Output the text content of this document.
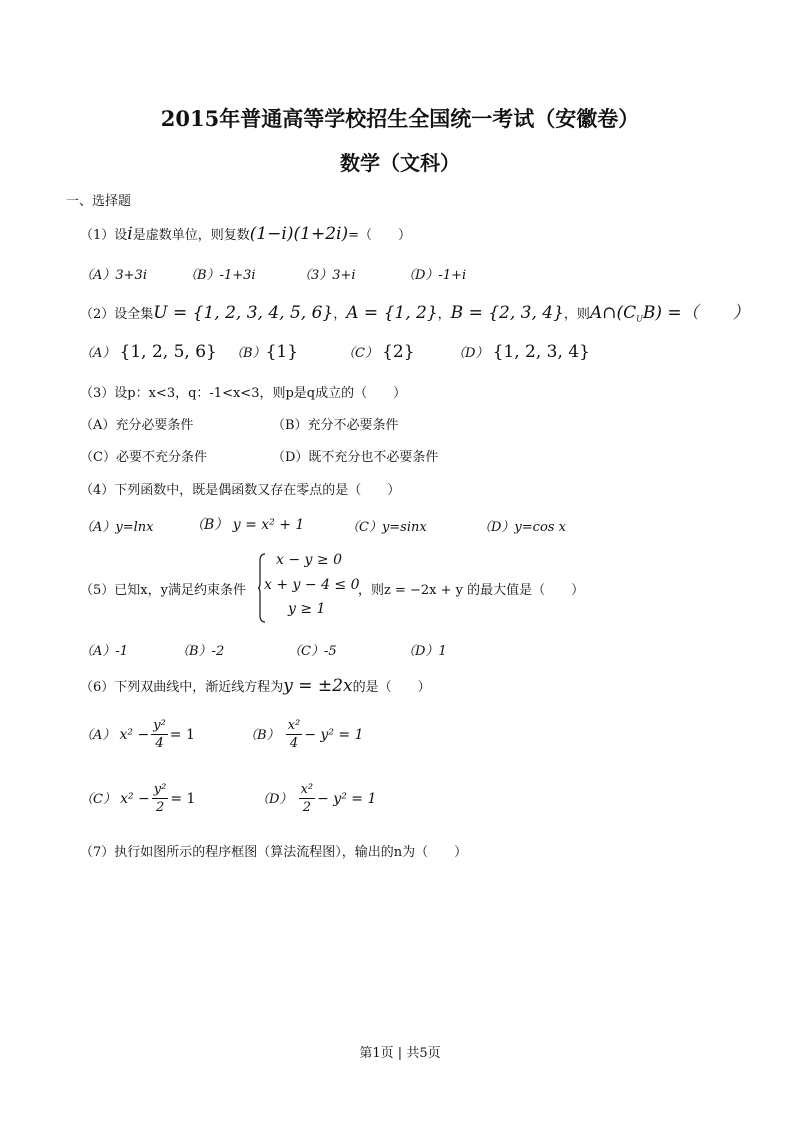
2015年普通高等学校招生全国统一考试（安徽卷）
数学（文科）
一、选择题
（1）设i是虚数单位，则复数(1−i)(1+2i)=（　　）
（A）3+3i	（B）-1+3i	（3）3+i	（D）-1+i
（2）设全集U = {1, 2, 3, 4, 5, 6}，A = {1, 2}，B = {2, 3, 4}，则$A\cap(C_UB)$ =（　　）
（A） {1, 2, 5, 6} （B）{1}	（C） {2}	（D） {1, 2, 3, 4}
（3）设p：x<3，q：-1<x<3，则p是q成立的（　　）
（A）充分必要条件	（B）充分不必要条件
（C）必要不充分条件	（D）既不充分也不必要条件
（4）下列函数中，既是偶函数又存在零点的是（　　）
（A）y=lnx	（B） y = x² + 1	（C）y=sinx	（D）y=cos x
（5）已知x，y满足约束条件
x − y ≥ 0
x + y − 4 ≤ 0
y ≥ 1
，则z = −2x + y 的最大值是（　　）
（A）-1	（B）-2	（C）-5	（D）1
（6）下列双曲线中，渐近线方程为y = ±2x的是（　　）
（A） $x^2 - \frac{\text{y²}}{4} = 1$	$(B) \frac{\text{x²}}{4} - y^2 = 1$
（C） $x^2 - \frac{\text{y²}}{2} = 1$	$(D) \frac{\text{x²}}{2} - y^2 = 1$
（7）执行如图所示的程序框图（算法流程图），输出的n为（　　）
第1页 | 共5页
